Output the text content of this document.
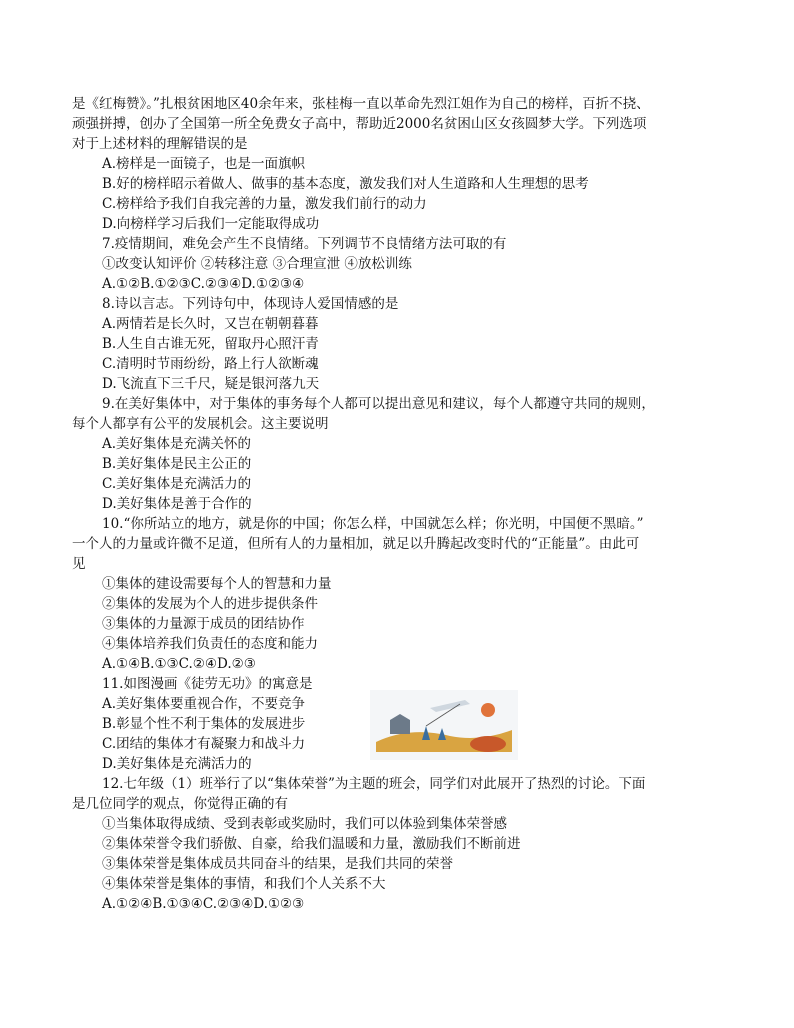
是《红梅赞》。”扎根贫困地区40余年来，张桂梅一直以革命先烈江姐作为自己的榜样，百折不挠、
顽强拼搏，创办了全国第一所全免费女子高中，帮助近2000名贫困山区女孩圆梦大学。下列选项
对于上述材料的理解错误的是
A.榜样是一面镜子，也是一面旗帜
B.好的榜样昭示着做人、做事的基本态度，激发我们对人生道路和人生理想的思考
C.榜样给予我们自我完善的力量，激发我们前行的动力
D.向榜样学习后我们一定能取得成功
7.疫情期间，难免会产生不良情绪。下列调节不良情绪方法可取的有
①改变认知评价 ②转移注意 ③合理宣泄 ④放松训练
A.①②B.①②③C.②③④D.①②③④
8.诗以言志。下列诗句中，体现诗人爱国情感的是
A.两情若是长久时，又岂在朝朝暮暮
B.人生自古谁无死，留取丹心照汗青
C.清明时节雨纷纷，路上行人欲断魂
D.飞流直下三千尺，疑是银河落九天
9.在美好集体中，对于集体的事务每个人都可以提出意见和建议，每个人都遵守共同的规则，
每个人都享有公平的发展机会。这主要说明
A.美好集体是充满关怀的
B.美好集体是民主公正的
C.美好集体是充满活力的
D.美好集体是善于合作的
10.“你所站立的地方，就是你的中国；你怎么样，中国就怎么样；你光明，中国便不黑暗。”
一个人的力量或许微不足道，但所有人的力量相加，就足以升腾起改变时代的“正能量”。由此可
见
①集体的建设需要每个人的智慧和力量
②集体的发展为个人的进步提供条件
③集体的力量源于成员的团结协作
④集体培养我们负责任的态度和能力
A.①④B.①③C.②④D.②③
11.如图漫画《徒劳无功》的寓意是
A.美好集体要重视合作，不要竞争
B.彰显个性不利于集体的发展进步
C.团结的集体才有凝聚力和战斗力
D.美好集体是充满活力的
12.七年级（1）班举行了以“集体荣誉”为主题的班会，同学们对此展开了热烈的讨论。下面
是几位同学的观点，你觉得正确的有
①当集体取得成绩、受到表彰或奖励时，我们可以体验到集体荣誉感
②集体荣誉令我们骄傲、自豪，给我们温暖和力量，激励我们不断前进
③集体荣誉是集体成员共同奋斗的结果，是我们共同的荣誉
④集体荣誉是集体的事情，和我们个人关系不大
A.①②④B.①③④C.②③④D.①②③
